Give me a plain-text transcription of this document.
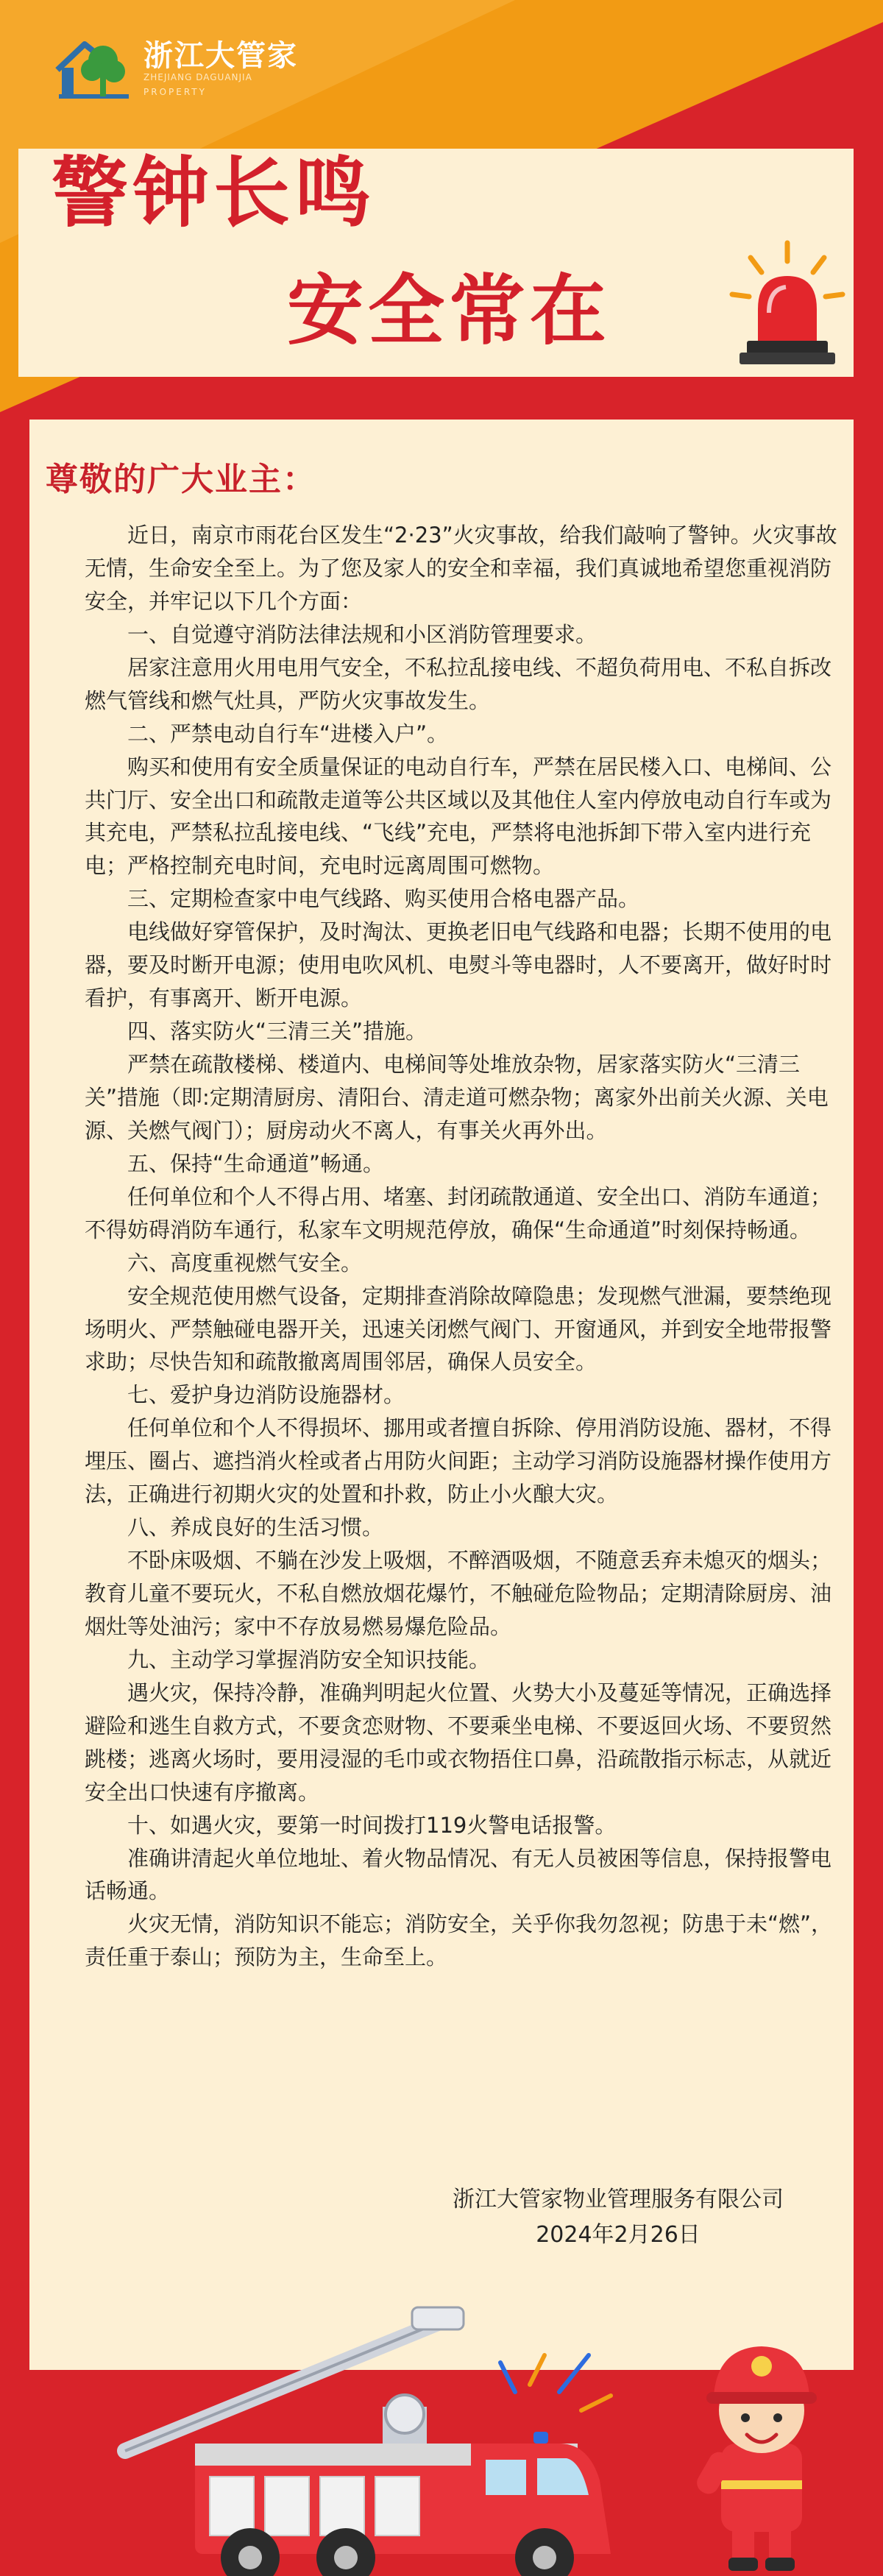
浙江大管家
ZHEJIANG DAGUANJIA
PROPERTY
警钟长鸣
安全常在
尊敬的广大业主：

近日，南京市雨花台区发生“2·23”火灾事故，给我们敲响了警钟。火灾事故无情，生命安全至上。为了您及家人的安全和幸福，我们真诚地希望您重视消防安全，并牢记以下几个方面：

一、自觉遵守消防法律法规和小区消防管理要求。

居家注意用火用电用气安全，不私拉乱接电线、不超负荷用电、不私自拆改燃气管线和燃气灶具，严防火灾事故发生。

二、严禁电动自行车“进楼入户”。

购买和使用有安全质量保证的电动自行车，严禁在居民楼入口、电梯间、公共门厅、安全出口和疏散走道等公共区域以及其他住人室内停放电动自行车或为其充电，严禁私拉乱接电线、“飞线”充电，严禁将电池拆卸下带入室内进行充电；严格控制充电时间，充电时远离周围可燃物。

三、定期检查家中电气线路、购买使用合格电器产品。

电线做好穿管保护，及时淘汰、更换老旧电气线路和电器；长期不使用的电器，要及时断开电源；使用电吹风机、电熨斗等电器时，人不要离开，做好时时看护，有事离开、断开电源。

四、落实防火“三清三关”措施。

严禁在疏散楼梯、楼道内、电梯间等处堆放杂物，居家落实防火“三清三关”措施（即:定期清厨房、清阳台、清走道可燃杂物；离家外出前关火源、关电源、关燃气阀门）；厨房动火不离人，有事关火再外出。

五、保持“生命通道”畅通。

任何单位和个人不得占用、堵塞、封闭疏散通道、安全出口、消防车通道；不得妨碍消防车通行，私家车文明规范停放，确保“生命通道”时刻保持畅通。

六、高度重视燃气安全。

安全规范使用燃气设备，定期排查消除故障隐患；发现燃气泄漏，要禁绝现场明火、严禁触碰电器开关，迅速关闭燃气阀门、开窗通风，并到安全地带报警求助；尽快告知和疏散撤离周围邻居，确保人员安全。

七、爱护身边消防设施器材。

任何单位和个人不得损坏、挪用或者擅自拆除、停用消防设施、器材，不得埋压、圈占、遮挡消火栓或者占用防火间距；主动学习消防设施器材操作使用方法，正确进行初期火灾的处置和扑救，防止小火酿大灾。

八、养成良好的生活习惯。

不卧床吸烟、不躺在沙发上吸烟，不醉酒吸烟，不随意丢弃未熄灭的烟头；教育儿童不要玩火，不私自燃放烟花爆竹，不触碰危险物品；定期清除厨房、油烟灶等处油污；家中不存放易燃易爆危险品。

九、主动学习掌握消防安全知识技能。

遇火灾，保持冷静，准确判明起火位置、火势大小及蔓延等情况，正确选择避险和逃生自救方式，不要贪恋财物、不要乘坐电梯、不要返回火场、不要贸然跳楼；逃离火场时，要用浸湿的毛巾或衣物捂住口鼻，沿疏散指示标志，从就近安全出口快速有序撤离。

十、如遇火灾，要第一时间拨打119火警电话报警。

准确讲清起火单位地址、着火物品情况、有无人员被困等信息，保持报警电话畅通。

火灾无情，消防知识不能忘；消防安全，关乎你我勿忽视；防患于未“燃”，责任重于泰山；预防为主，生命至上。

浙江大管家物业管理服务有限公司
2024年2月26日
